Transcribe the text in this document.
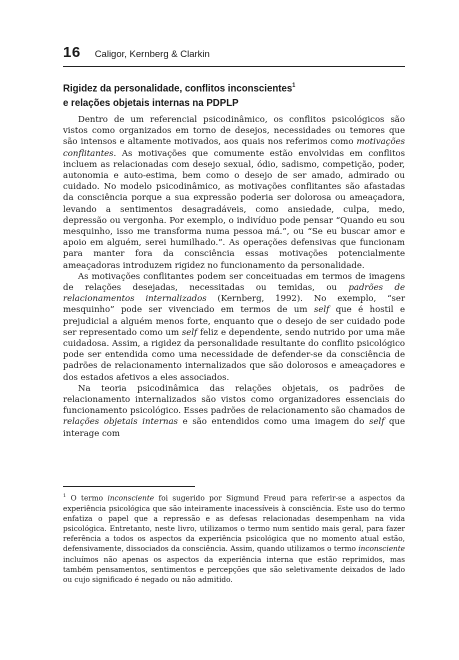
16 Caligor, Kernberg & Clarkin
Rigidez da personalidade, conflitos inconscientes$^1$
e relações objetais internas na PDPLP

Dentro de um referencial psicodinâmico, os conflitos psicológicos são vistos como organizados em torno de desejos, necessidades ou temores que são intensos e altamente motivados, aos quais nos referimos como motivações conflitantes. As motivações que comumente estão envolvidas em conflitos incluem as relacionadas com desejo sexual, ódio, sadismo, competição, poder, autonomia e auto-estima, bem como o desejo de ser amado, admirado ou cuidado. No modelo psicodinâmico, as motivações conflitantes são afastadas da consciência porque a sua expressão poderia ser dolorosa ou ameaçadora, levando a sentimentos desagradáveis, como ansiedade, culpa, medo, depressão ou vergonha. Por exemplo, o indivíduo pode pensar “Quando eu sou mesquinho, isso me transforma numa pessoa má.”, ou “Se eu buscar amor e apoio em alguém, serei humilhado.”. As operações defensivas que funcionam para manter fora da consciência essas motivações potencialmente ameaçadoras introduzem rigidez no funcionamento da personalidade.

As motivações conflitantes podem ser conceituadas em termos de imagens de relações desejadas, necessitadas ou temidas, ou padrões de relacionamentos internalizados (Kernberg, 1992). No exemplo, “ser mesquinho” pode ser vivenciado em termos de um self que é hostil e prejudicial a alguém menos forte, enquanto que o desejo de ser cuidado pode ser representado como um self feliz e dependente, sendo nutrido por uma mãe cuidadosa. Assim, a rigidez da personalidade resultante do conflito psicológico pode ser entendida como uma necessidade de defender-se da consciência de padrões de relacionamento internalizados que são dolorosos e ameaçadores e dos estados afetivos a eles associados.

Na teoria psicodinâmica das relações objetais, os padrões de relacionamento internalizados são vistos como organizadores essenciais do funcionamento psicológico. Esses padrões de relacionamento são chamados de relações objetais internas e são entendidos como uma imagem do self que interage com

$^1$ O termo inconsciente foi sugerido por Sigmund Freud para referir-se a aspectos da experiência psicológica que são inteiramente inacessíveis à consciência. Este uso do termo enfatiza o papel que a repressão e as defesas relacionadas desempenham na vida psicológica. Entretanto, neste livro, utilizamos o termo num sentido mais geral, para fazer referência a todos os aspectos da experiência psicológica que no momento atual estão, defensivamente, dissociados da consciência. Assim, quando utilizamos o termo inconsciente incluímos não apenas os aspectos da experiência interna que estão reprimidos, mas também pensamentos, sentimentos e percepções que são seletivamente deixados de lado ou cujo significado é negado ou não admitido.
